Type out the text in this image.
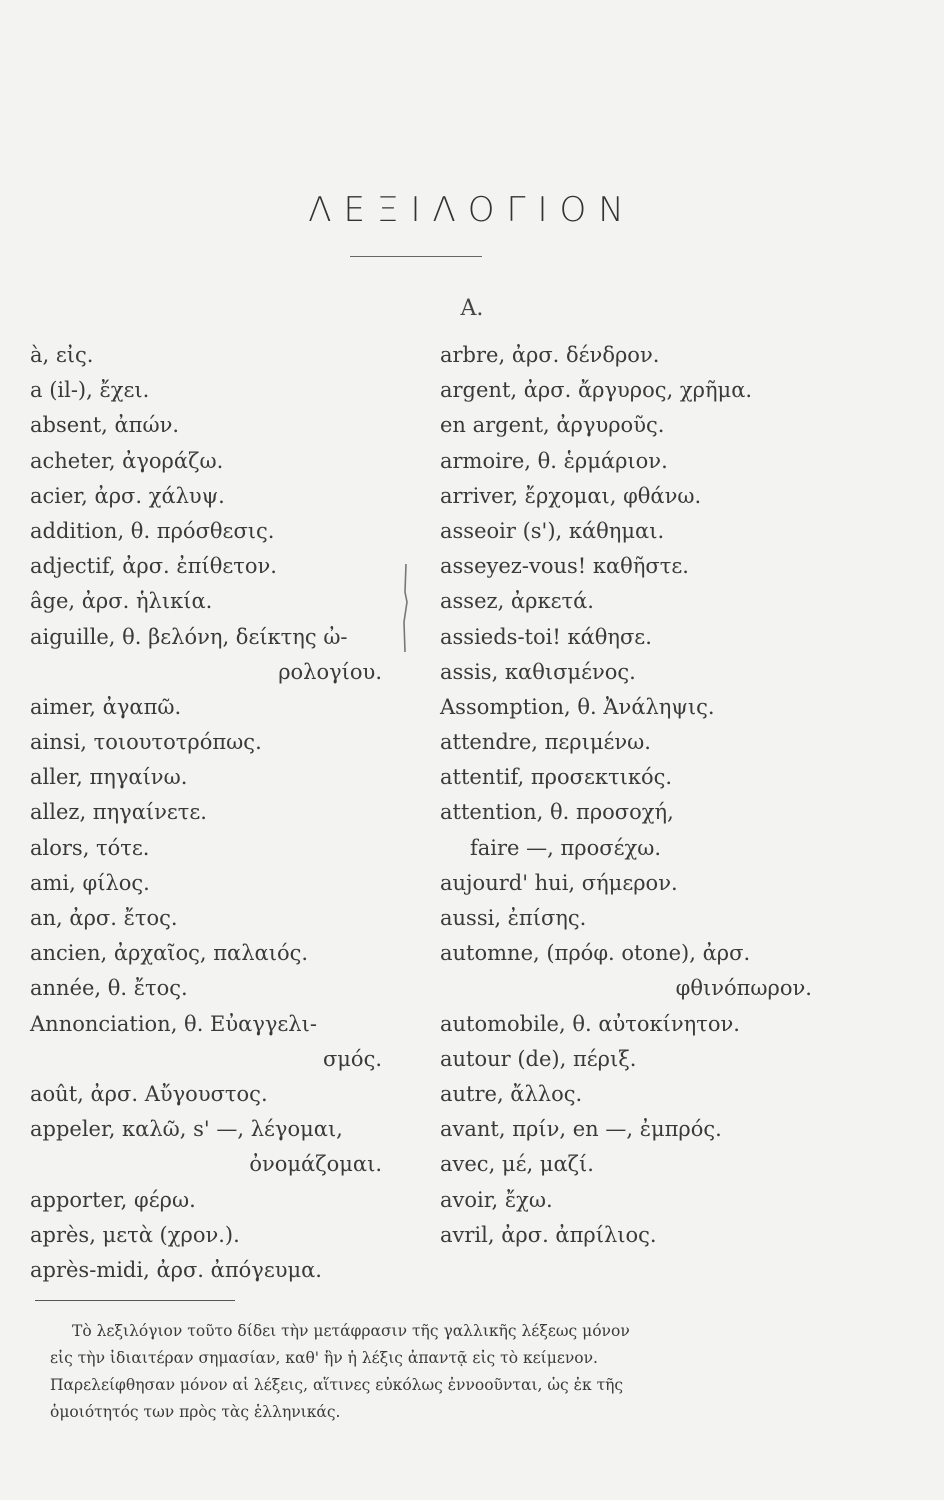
ΛΕΞΙΛΟΓΙΟΝ
A.
à, εἰς.
a (il-), ἔχει.
absent, ἀπών.
acheter, ἀγοράζω.
acier, ἀρσ. χάλυψ.
addition, θ. πρόσθεσις.
adjectif, ἀρσ. ἐπίθετον.
âge, ἀρσ. ἡλικία.
aiguille, θ. βελόνη, δείκτης ὠ-
ρολογίου.
aimer, ἀγαπῶ.
ainsi, τοιουτοτρόπως.
aller, πηγαίνω.
allez, πηγαίνετε.
alors, τότε.
ami, φίλος.
an, ἀρσ. ἔτος.
ancien, ἀρχαῖος, παλαιός.
année, θ. ἔτος.
Annonciation, θ. Εὐαγγελι-
σμός.
août, ἀρσ. Αὔγουστος.
appeler, καλῶ, s' —, λέγομαι,
ὀνομάζομαι.
apporter, φέρω.
après, μετὰ (χρον.).
après-midi, ἀρσ. ἀπόγευμα.
arbre, ἀρσ. δένδρον.
argent, ἀρσ. ἄργυρος, χρῆμα.
en argent, ἀργυροῦς.
armoire, θ. ἑρμάριον.
arriver, ἔρχομαι, φθάνω.
asseoir (s'), κάθημαι.
asseyez-vous! καθῆστε.
assez, ἀρκετά.
assieds-toi! κάθησε.
assis, καθισμένος.
Assomption, θ. Ἀνάληψις.
attendre, περιμένω.
attentif, προσεκτικός.
attention, θ. προσοχή,
faire —, προσέχω.
aujourd' hui, σήμερον.
aussi, ἐπίσης.
automne, (πρόφ. otone), ἀρσ.
φθινόπωρον.
automobile, θ. αὐτοκίνητον.
autour (de), πέριξ.
autre, ἄλλος.
avant, πρίν, en —, ἐμπρός.
avec, μέ, μαζί.
avoir, ἔχω.
avril, ἀρσ. ἀπρίλιος.
Τὸ λεξιλόγιον τοῦτο δίδει τὴν μετάφρασιν τῆς γαλλικῆς λέξεως μόνον
εἰς τὴν ἰδιαιτέραν σημασίαν, καθ' ἣν ἡ λέξις ἀπαντᾷ εἰς τὸ κείμενον.
Παρελείφθησαν μόνον αἱ λέξεις, αἵτινες εὐκόλως ἐννοοῦνται, ὡς ἐκ τῆς
ὁμοιότητός των πρὸς τὰς ἑλληνικάς.
